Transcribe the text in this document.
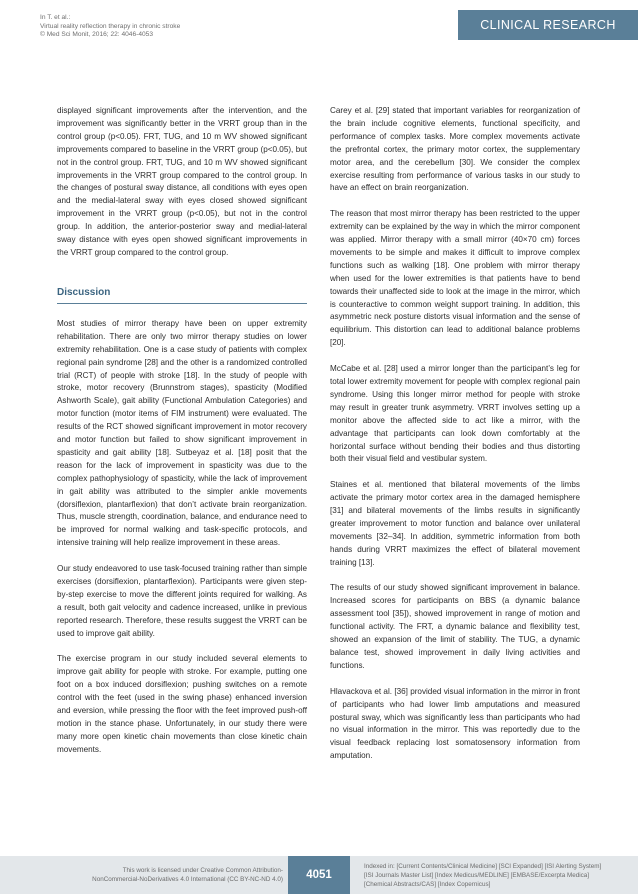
In T. et al.:
Virtual reality reflection therapy in chronic stroke
© Med Sci Monit, 2016; 22: 4046-4053
CLINICAL RESEARCH

displayed significant improvements after the intervention, and the improvement was significantly better in the VRRT group than in the control group (p<0.05). FRT, TUG, and 10 m WV showed significant improvements compared to baseline in the VRRT group (p<0.05), but not in the control group. FRT, TUG, and 10 m WV showed significant improvements in the VRRT group compared to the control group. In the changes of postural sway distance, all conditions with eyes open and the medial-lateral sway with eyes closed showed significant improvement in the VRRT group (p<0.05), but not in the control group. In addition, the anterior-posterior sway and medial-lateral sway distance with eyes open showed significant improvements in the VRRT group compared to the control group.

Discussion

Most studies of mirror therapy have been on upper extremity rehabilitation. There are only two mirror therapy studies on lower extremity rehabilitation. One is a case study of patients with complex regional pain syndrome [28] and the other is a randomized controlled trial (RCT) of people with stroke [18]. In the study of people with stroke, motor recovery (Brunnstrom stages), spasticity (Modified Ashworth Scale), gait ability (Functional Ambulation Categories) and motor function (motor items of FIM instrument) were evaluated. The results of the RCT showed significant improvement in motor recovery and motor function but failed to show significant improvement in spasticity and gait ability [18]. Sutbeyaz et al. [18] posit that the reason for the lack of improvement in spasticity was due to the complex pathophysiology of spasticity, while the lack of improvement in gait ability was attributed to the simpler ankle movements (dorsiflexion, plantarflexion) that don’t activate brain reorganization. Thus, muscle strength, coordination, balance, and endurance need to be improved for normal walking and task-specific protocols, and intensive training will help realize improvement in these areas.

Our study endeavored to use task-focused training rather than simple exercises (dorsiflexion, plantarflexion). Participants were given step-by-step exercise to move the different joints required for walking. As a result, both gait velocity and cadence increased, unlike in previous reported research. Therefore, these results suggest the VRRT can be used to improve gait ability.

The exercise program in our study included several elements to improve gait ability for people with stroke. For example, putting one foot on a box induced dorsiflexion; pushing switches on a remote control with the feet (used in the swing phase) enhanced inversion and eversion, while pressing the floor with the feet improved push-off motion in the stance phase. Unfortunately, in our study there were many more open kinetic chain movements than close kinetic chain movements.

Carey et al. [29] stated that important variables for reorganization of the brain include cognitive elements, functional specificity, and performance of complex tasks. More complex movements activate the prefrontal cortex, the primary motor cortex, the supplementary motor area, and the cerebellum [30]. We consider the complex exercise resulting from performance of various tasks in our study to have an effect on brain reorganization.

The reason that most mirror therapy has been restricted to the upper extremity can be explained by the way in which the mirror component was applied. Mirror therapy with a small mirror (40×70 cm) forces movements to be simple and makes it difficult to improve complex functions such as walking [18]. One problem with mirror therapy when used for the lower extremities is that patients have to bend towards their unaffected side to look at the image in the mirror, which is counteractive to common weight support training. In addition, this asymmetric neck posture distorts visual information and the sense of equilibrium. This distortion can lead to additional balance problems [20].

McCabe et al. [28] used a mirror longer than the participant’s leg for total lower extremity movement for people with complex regional pain syndrome. Using this longer mirror method for people with stroke may result in greater trunk asymmetry. VRRT involves setting up a monitor above the affected side to act like a mirror, with the advantage that participants can look down comfortably at the horizontal surface without bending their bodies and thus distorting both their visual field and vestibular system.

Staines et al. mentioned that bilateral movements of the limbs activate the primary motor cortex area in the damaged hemisphere [31] and bilateral movements of the limbs results in significantly greater improvement to motor function and balance over unilateral movements [32–34]. In addition, symmetric information from both hands during VRRT maximizes the effect of bilateral movement training [13].

The results of our study showed significant improvement in balance. Increased scores for participants on BBS (a dynamic balance assessment tool [35]), showed improvement in range of motion and functional activity. The FRT, a dynamic balance and flexibility test, showed an expansion of the limit of stability. The TUG, a dynamic balance test, showed improvement in daily living activities and functions.

Hlavackova et al. [36] provided visual information in the mirror in front of participants who had lower limb amputations and measured postural sway, which was significantly less than participants who had no visual information in the mirror. This was reportedly due to the visual feedback replacing lost somatosensory information from amputation.

This work is licensed under Creative Common Attribution-
NonCommercial-NoDerivatives 4.0 International (CC BY-NC-ND 4.0)	4051
Indexed in: [Current Contents/Clinical Medicine] [SCI Expanded] [ISI Alerting System]
[ISI Journals Master List] [Index Medicus/MEDLINE] [EMBASE/Excerpta Medica]
[Chemical Abstracts/CAS] [Index Copernicus]
